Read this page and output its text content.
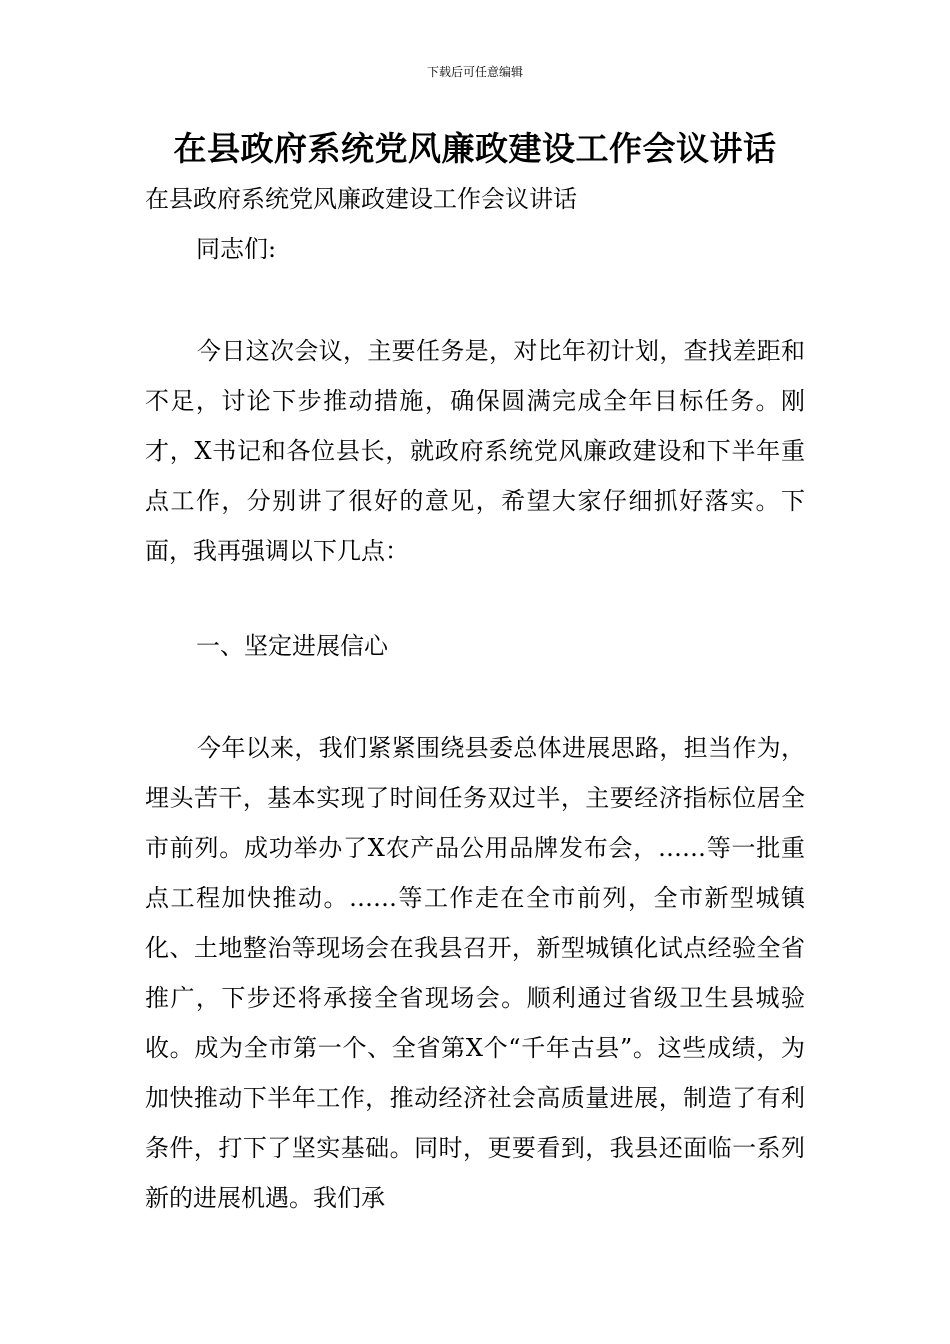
下载后可任意编辑
在县政府系统党风廉政建设工作会议讲话
在县政府系统党风廉政建设工作会议讲话
同志们:

今日这次会议，主要任务是，对比年初计划，查找差距和不足，讨论下步推动措施，确保圆满完成全年目标任务。刚才，X书记和各位县长，就政府系统党风廉政建设和下半年重点工作，分别讲了很好的意见，希望大家仔细抓好落实。下面，我再强调以下几点：

一、坚定进展信心

今年以来，我们紧紧围绕县委总体进展思路，担当作为，埋头苦干，基本实现了时间任务双过半，主要经济指标位居全市前列。成功举办了X农产品公用品牌发布会，……等一批重点工程加快推动。……等工作走在全市前列，全市新型城镇化、土地整治等现场会在我县召开，新型城镇化试点经验全省推广，下步还将承接全省现场会。顺利通过省级卫生县城验收。成为全市第一个、全省第X个“千年古县”。这些成绩，为加快推动下半年工作，推动经济社会高质量进展，制造了有利条件，打下了坚实基础。同时，更要看到，我县还面临一系列新的进展机遇。我们承
